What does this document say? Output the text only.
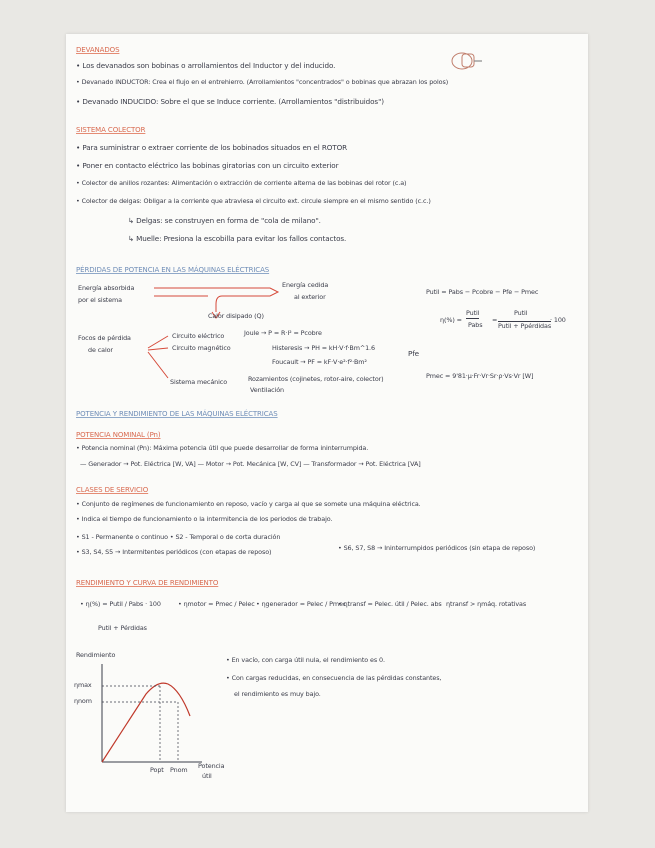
DEVANADOS
• Los devanados son bobinas o arrollamientos del Inductor y del inducido.
• Devanado INDUCTOR: Crea el flujo en el entrehierro. (Arrollamientos "concentrados" o bobinas que abrazan los polos)
• Devanado INDUCIDO: Sobre el que se Induce corriente. (Arrollamientos "distribuidos")
SISTEMA COLECTOR
• Para suministrar o extraer corriente de los bobinados situados en el ROTOR
• Poner en contacto eléctrico las bobinas giratorias con un circuito exterior
• Colector de anillos rozantes: Alimentación o extracción de corriente alterna de las bobinas del rotor (c.a)
• Colector de delgas: Obligar a la corriente que atraviesa el circuito ext. circule siempre en el mismo sentido (c.c.)
↳ Delgas: se construyen en forma de "cola de milano".
↳ Muelle: Presiona la escobilla para evitar los fallos contactos.
PÉRDIDAS DE POTENCIA EN LAS MÁQUINAS ELÉCTRICAS
Energía absorbida
por el sistema
Energía cedida
al exterior
Calor disipado (Q)
Putil = Pabs − Pcobre − Pfe − Pmec
η(%) =
Putil
Pabs
=
Putil
Putil + Ppérdidas
· 100
Focos de pérdida
de calor
Circuito eléctrico	Joule → P = R·I² = Pcobre
Circuito magnético	Histeresis → PH = kH·V·f·Bm^1.6
Foucault → PF = kF·V·e²·f²·Bm²
Pfe
Sistema mecánico	Rozamientos (cojinetes, rotor-aire, colector)
Ventilación
Pmec = 9'81·μ·Fr·Vr·Sr·ρ·Vs·Vr [W]
POTENCIA Y RENDIMIENTO DE LAS MÁQUINAS ELÉCTRICAS
POTENCIA NOMINAL (Pn)
• Potencia nominal (Pn): Máxima potencia útil que puede desarrollar de forma ininterrumpida.
— Generador → Pot. Eléctrica [W, VA] — Motor → Pot. Mecánica [W, CV] — Transformador → Pot. Eléctrica [VA]
CLASES DE SERVICIO
• Conjunto de regímenes de funcionamiento en reposo, vacío y carga al que se somete una máquina eléctrica.
• Indica el tiempo de funcionamiento o la intermitencia de los periodos de trabajo.
• S1 - Permanente o continuo • S2 - Temporal o de corta duración
• S3, S4, S5 → Intermitentes periódicos (con etapas de reposo)	• S6, S7, S8 → Ininterrumpidos periódicos (sin etapa de reposo)
RENDIMIENTO Y CURVA DE RENDIMIENTO
• η(%) = Putil / Pabs · 100
Putil + Pérdidas
• ηmotor = Pmec / Pelec • ηgenerador = Pelec / Pmec
• ηtransf = Pelec. útil / Pelec. abs ηtransf > ηmáq. rotativas
Rendimiento
ηmax
ηnom
Popt Pnom Potencia
útil
• En vacío, con carga útil nula, el rendimiento es 0.
• Con cargas reducidas, en consecuencia de las pérdidas constantes,
el rendimiento es muy bajo.
